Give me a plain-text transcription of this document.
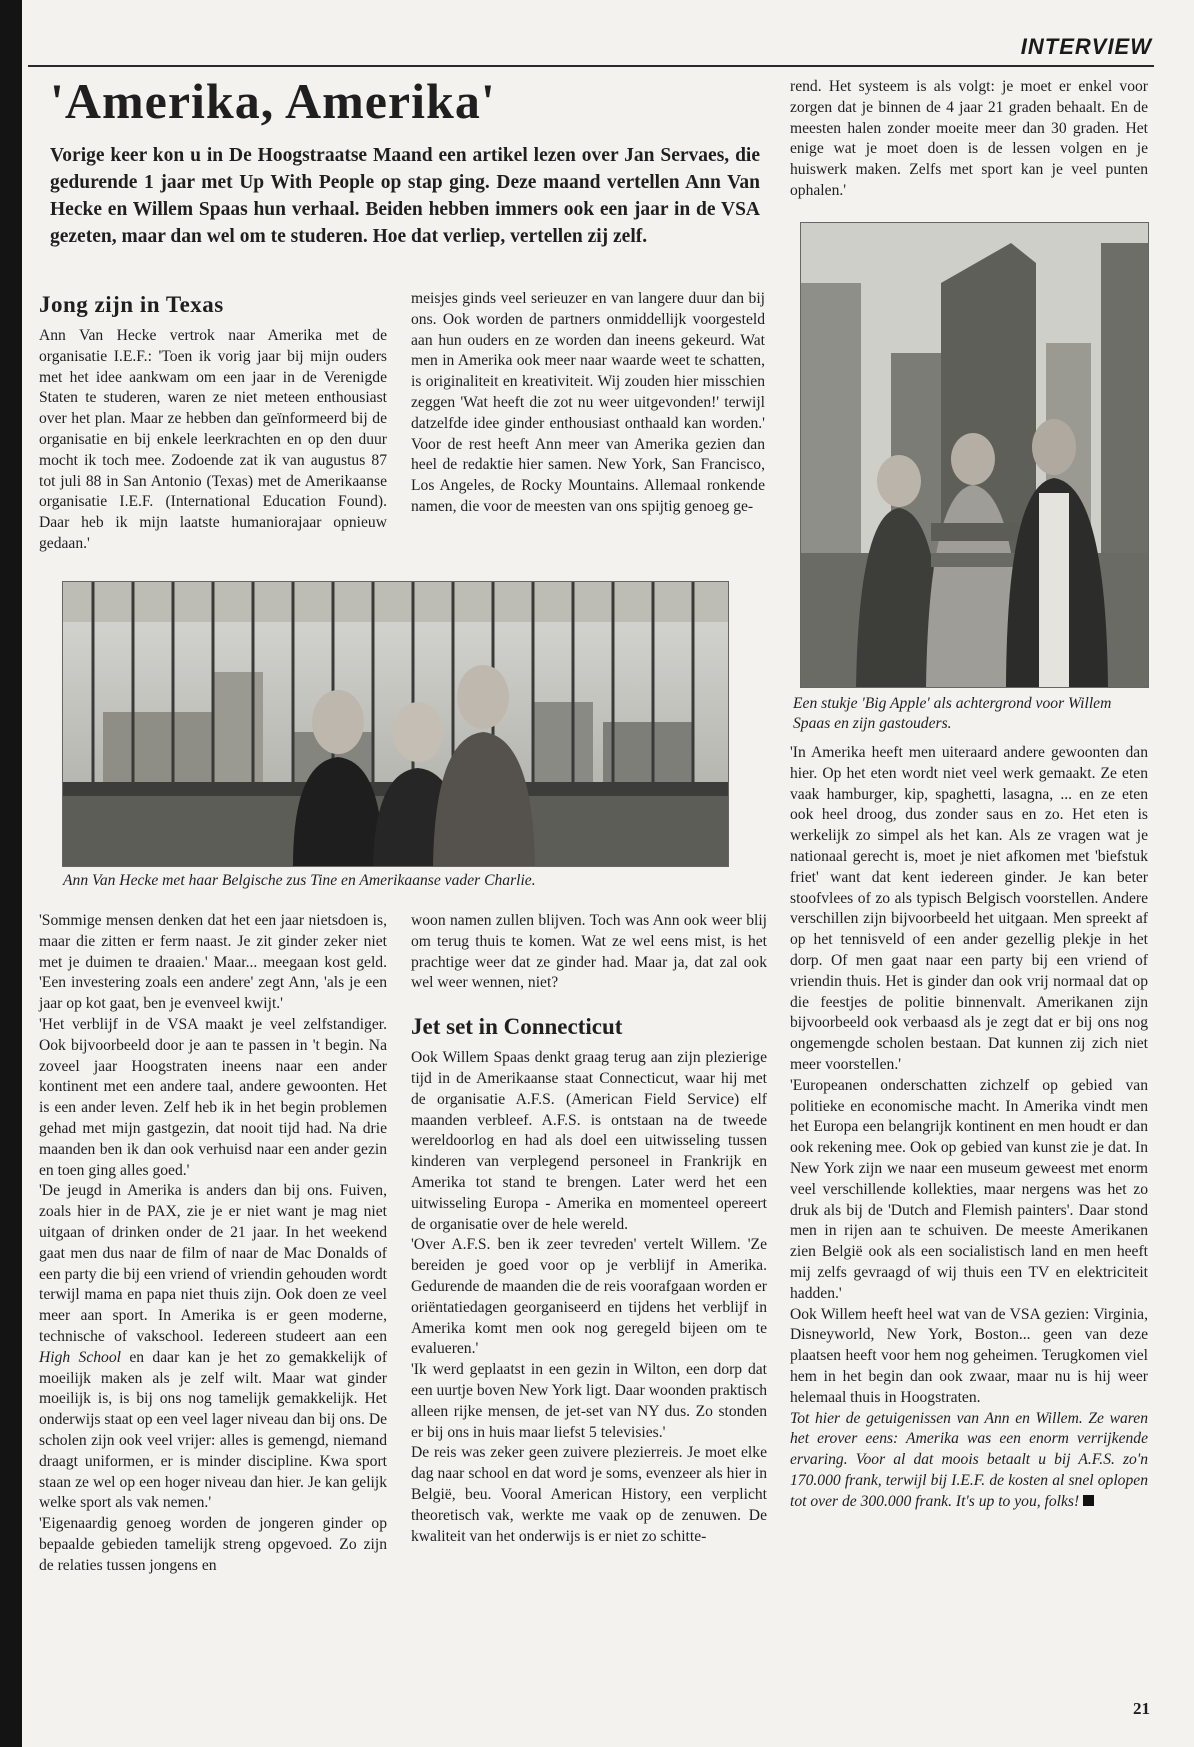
INTERVIEW
'Amerika, Amerika'

Vorige keer kon u in De Hoogstraatse Maand een artikel lezen over Jan Servaes, die gedurende 1 jaar met Up With People op stap ging. Deze maand vertellen Ann Van Hecke en Willem Spaas hun verhaal. Beiden hebben immers ook een jaar in de VSA gezeten, maar dan wel om te studeren. Hoe dat verliep, vertellen zij zelf.

Jong zijn in Texas

Ann Van Hecke vertrok naar Amerika met de organisatie I.E.F.: 'Toen ik vorig jaar bij mijn ouders met het idee aankwam om een jaar in de Verenigde Staten te studeren, waren ze niet meteen enthousiast over het plan. Maar ze hebben dan geïnformeerd bij de organisatie en bij enkele leerkrachten en op den duur mocht ik toch mee. Zodoende zat ik van augustus 87 tot juli 88 in San Antonio (Texas) met de Amerikaanse organisatie I.E.F. (International Education Found). Daar heb ik mijn laatste humaniorajaar opnieuw gedaan.'

meisjes ginds veel serieuzer en van langere duur dan bij ons. Ook worden de partners onmiddellijk voorgesteld aan hun ouders en ze worden dan ineens gekeurd. Wat men in Amerika ook meer naar waarde weet te schatten, is originaliteit en kreativiteit. Wij zouden hier misschien zeggen 'Wat heeft die zot nu weer uitgevonden!' terwijl datzelfde idee ginder enthousiast onthaald kan worden.' Voor de rest heeft Ann meer van Amerika gezien dan heel de redaktie hier samen. New York, San Francisco, Los Angeles, de Rocky Mountains. Allemaal ronkende namen, die voor de meesten van ons spijtig genoeg ge-

Ann Van Hecke met haar Belgische zus Tine en Amerikaanse vader Charlie.

'Sommige mensen denken dat het een jaar nietsdoen is, maar die zitten er ferm naast. Je zit ginder zeker niet met je duimen te draaien.' Maar... meegaan kost geld. 'Een investering zoals een andere' zegt Ann, 'als je een jaar op kot gaat, ben je evenveel kwijt.'

'Het verblijf in de VSA maakt je veel zelfstandiger. Ook bijvoorbeeld door je aan te passen in 't begin. Na zoveel jaar Hoogstraten ineens naar een ander kontinent met een andere taal, andere gewoonten. Het is een ander leven. Zelf heb ik in het begin problemen gehad met mijn gastgezin, dat nooit tijd had. Na drie maanden ben ik dan ook verhuisd naar een ander gezin en toen ging alles goed.'

'De jeugd in Amerika is anders dan bij ons. Fuiven, zoals hier in de PAX, zie je er niet want je mag niet uitgaan of drinken onder de 21 jaar. In het weekend gaat men dus naar de film of naar de Mac Donalds of een party die bij een vriend of vriendin gehouden wordt terwijl mama en papa niet thuis zijn. Ook doen ze veel meer aan sport. In Amerika is er geen moderne, technische of vakschool. Iedereen studeert aan een High School en daar kan je het zo gemakkelijk of moeilijk maken als je zelf wilt. Maar wat ginder moeilijk is, is bij ons nog tamelijk gemakkelijk. Het onderwijs staat op een veel lager niveau dan bij ons. De scholen zijn ook veel vrijer: alles is gemengd, niemand draagt uniformen, er is minder discipline. Kwa sport staan ze wel op een hoger niveau dan hier. Je kan gelijk welke sport als vak nemen.'

'Eigenaardig genoeg worden de jongeren ginder op bepaalde gebieden tamelijk streng opgevoed. Zo zijn de relaties tussen jongens en

woon namen zullen blijven. Toch was Ann ook weer blij om terug thuis te komen. Wat ze wel eens mist, is het prachtige weer dat ze ginder had. Maar ja, dat zal ook wel weer wennen, niet?

Jet set in Connecticut

Ook Willem Spaas denkt graag terug aan zijn plezierige tijd in de Amerikaanse staat Connecticut, waar hij met de organisatie A.F.S. (American Field Service) elf maanden verbleef. A.F.S. is ontstaan na de tweede wereldoorlog en had als doel een uitwisseling tussen kinderen van verplegend personeel in Frankrijk en Amerika tot stand te brengen. Later werd het een uitwisseling Europa - Amerika en momenteel opereert de organisatie over de hele wereld.

'Over A.F.S. ben ik zeer tevreden' vertelt Willem. 'Ze bereiden je goed voor op je verblijf in Amerika. Gedurende de maanden die de reis voorafgaan worden er oriëntatiedagen georganiseerd en tijdens het verblijf in Amerika komt men ook nog geregeld bijeen om te evalueren.'

'Ik werd geplaatst in een gezin in Wilton, een dorp dat een uurtje boven New York ligt. Daar woonden praktisch alleen rijke mensen, de jet-set van NY dus. Zo stonden er bij ons in huis maar liefst 5 televisies.'

De reis was zeker geen zuivere plezierreis. Je moet elke dag naar school en dat word je soms, evenzeer als hier in België, beu. Vooral American History, een verplicht theoretisch vak, werkte me vaak op de zenuwen. De kwaliteit van het onderwijs is er niet zo schitte-

rend. Het systeem is als volgt: je moet er enkel voor zorgen dat je binnen de 4 jaar 21 graden behaalt. En de meesten halen zonder moeite meer dan 30 graden. Het enige wat je moet doen is de lessen volgen en je huiswerk maken. Zelfs met sport kan je veel punten ophalen.'

Een stukje 'Big Apple' als achtergrond voor Willem Spaas en zijn gastouders.

'In Amerika heeft men uiteraard andere gewoonten dan hier. Op het eten wordt niet veel werk gemaakt. Ze eten vaak hamburger, kip, spaghetti, lasagna, ... en ze eten ook heel droog, dus zonder saus en zo. Het eten is werkelijk zo simpel als het kan. Als ze vragen wat je nationaal gerecht is, moet je niet afkomen met 'biefstuk friet' want dat kent iedereen ginder. Je kan beter stoofvlees of zo als typisch Belgisch voorstellen. Andere verschillen zijn bijvoorbeeld het uitgaan. Men spreekt af op het tennisveld of een ander gezellig plekje in het dorp. Of men gaat naar een party bij een vriend of vriendin thuis. Het is ginder dan ook vrij normaal dat op die feestjes de politie binnenvalt. Amerikanen zijn bijvoorbeeld ook verbaasd als je zegt dat er bij ons nog ongemengde scholen bestaan. Dat kunnen zij zich niet meer voorstellen.'

'Europeanen onderschatten zichzelf op gebied van politieke en economische macht. In Amerika vindt men het Europa een belangrijk kontinent en men houdt er dan ook rekening mee. Ook op gebied van kunst zie je dat. In New York zijn we naar een museum geweest met enorm veel verschillende kollekties, maar nergens was het zo druk als bij de 'Dutch and Flemish painters'. Daar stond men in rijen aan te schuiven. De meeste Amerikanen zien België ook als een socialistisch land en men heeft mij zelfs gevraagd of wij thuis een TV en elektriciteit hadden.'

Ook Willem heeft heel wat van de VSA gezien: Virginia, Disneyworld, New York, Boston... geen van deze plaatsen heeft voor hem nog geheimen. Terugkomen viel hem in het begin dan ook zwaar, maar nu is hij weer helemaal thuis in Hoogstraten.

Tot hier de getuigenissen van Ann en Willem. Ze waren het erover eens: Amerika was een enorm verrijkende ervaring. Voor al dat moois betaalt u bij A.F.S. zo'n 170.000 frank, terwijl bij I.E.F. de kosten al snel oplopen tot over de 300.000 frank. It's up to you, folks!

21
